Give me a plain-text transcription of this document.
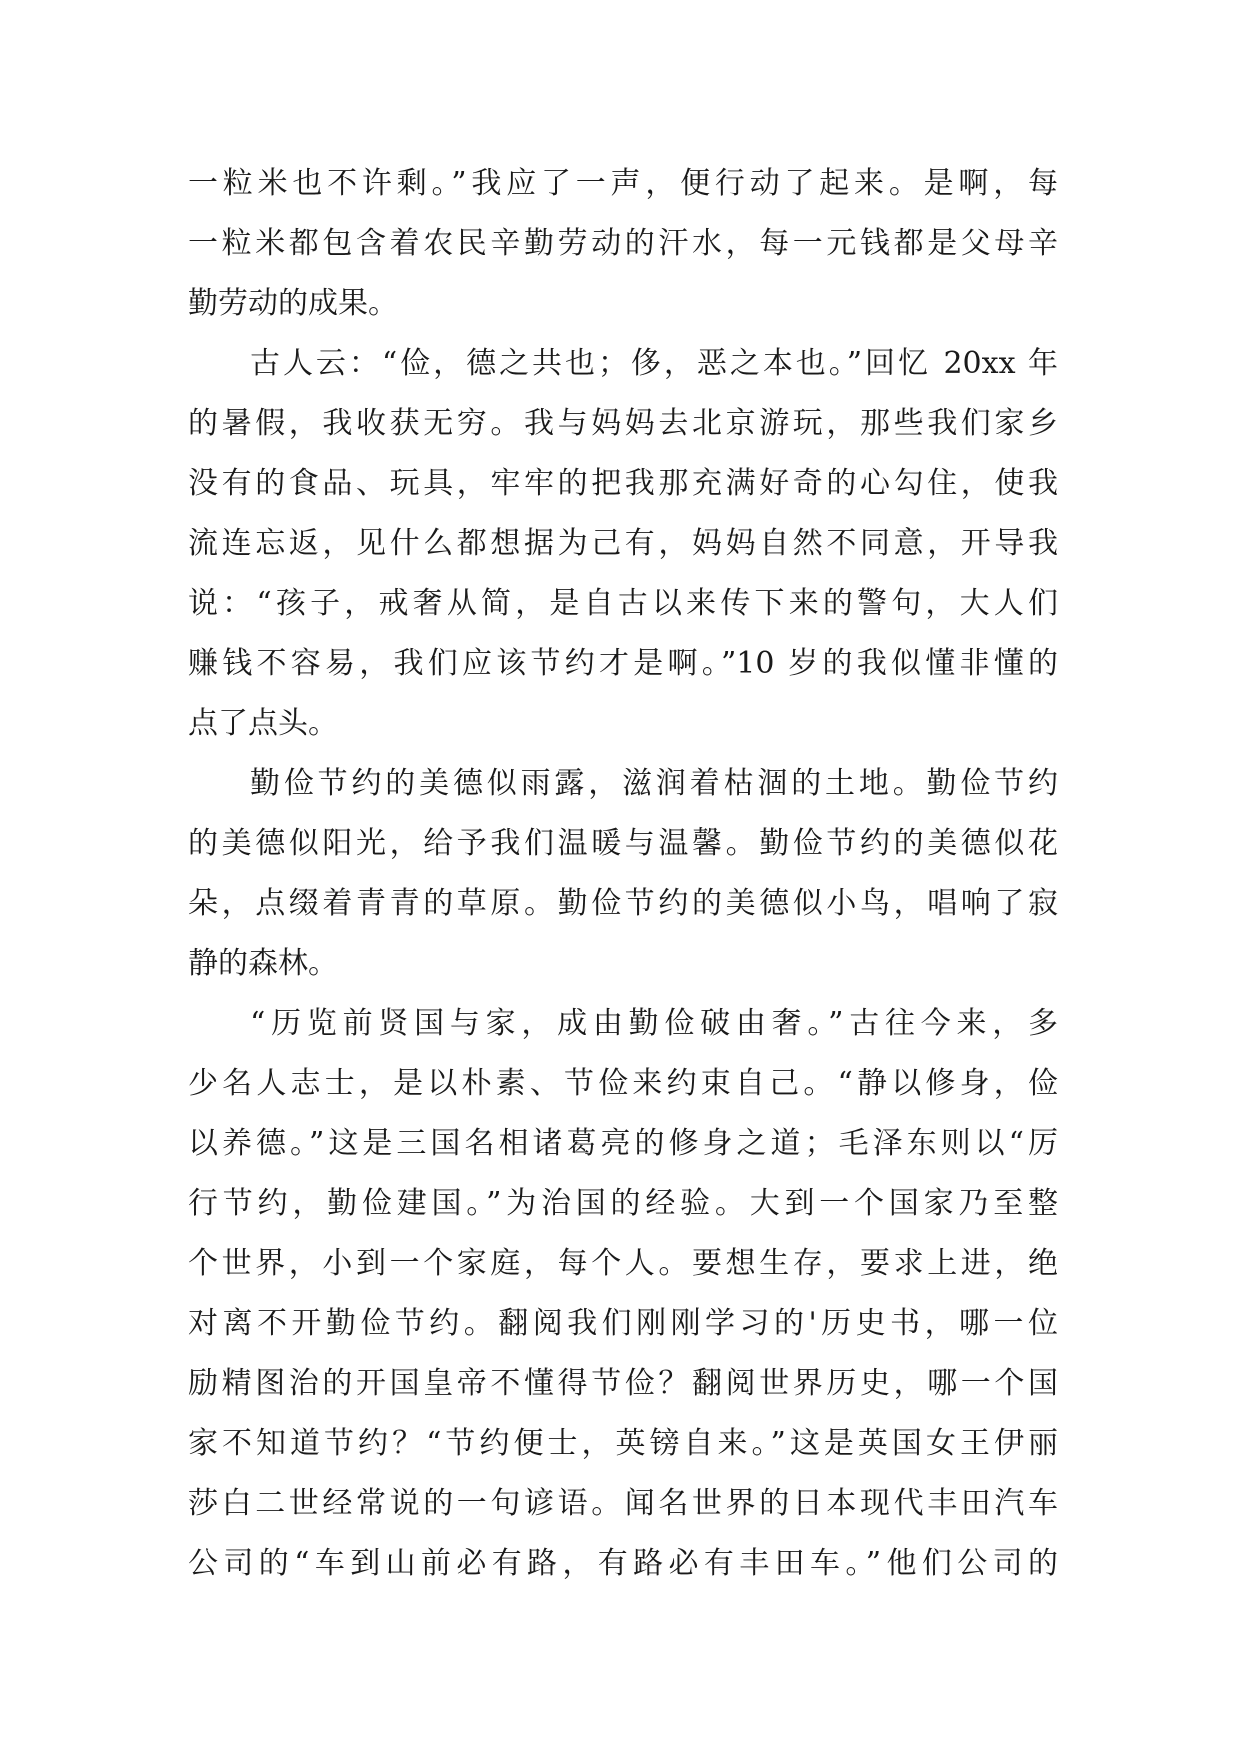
一粒米也不许剩。”我应了一声，便行动了起来。是啊，每
一粒米都包含着农民辛勤劳动的汗水，每一元钱都是父母辛
勤劳动的成果。
古人云：“俭，德之共也；侈，恶之本也。”回忆 20xx 年
的暑假，我收获无穷。我与妈妈去北京游玩，那些我们家乡
没有的食品、玩具，牢牢的把我那充满好奇的心勾住，使我
流连忘返，见什么都想据为己有，妈妈自然不同意，开导我
说：“孩子，戒奢从简，是自古以来传下来的警句，大人们
赚钱不容易，我们应该节约才是啊。”10 岁的我似懂非懂的
点了点头。
勤俭节约的美德似雨露，滋润着枯涸的土地。勤俭节约
的美德似阳光，给予我们温暖与温馨。勤俭节约的美德似花
朵，点缀着青青的草原。勤俭节约的美德似小鸟，唱响了寂
静的森林。
“历览前贤国与家，成由勤俭破由奢。”古往今来，多
少名人志士，是以朴素、节俭来约束自己。“静以修身，俭
以养德。”这是三国名相诸葛亮的修身之道；毛泽东则以“厉
行节约，勤俭建国。”为治国的经验。大到一个国家乃至整
个世界，小到一个家庭，每个人。要想生存，要求上进，绝
对离不开勤俭节约。翻阅我们刚刚学习的'历史书，哪一位
励精图治的开国皇帝不懂得节俭？翻阅世界历史，哪一个国
家不知道节约？“节约便士，英镑自来。”这是英国女王伊丽
莎白二世经常说的一句谚语。闻名世界的日本现代丰田汽车
公司的“车到山前必有路，有路必有丰田车。”他们公司的
